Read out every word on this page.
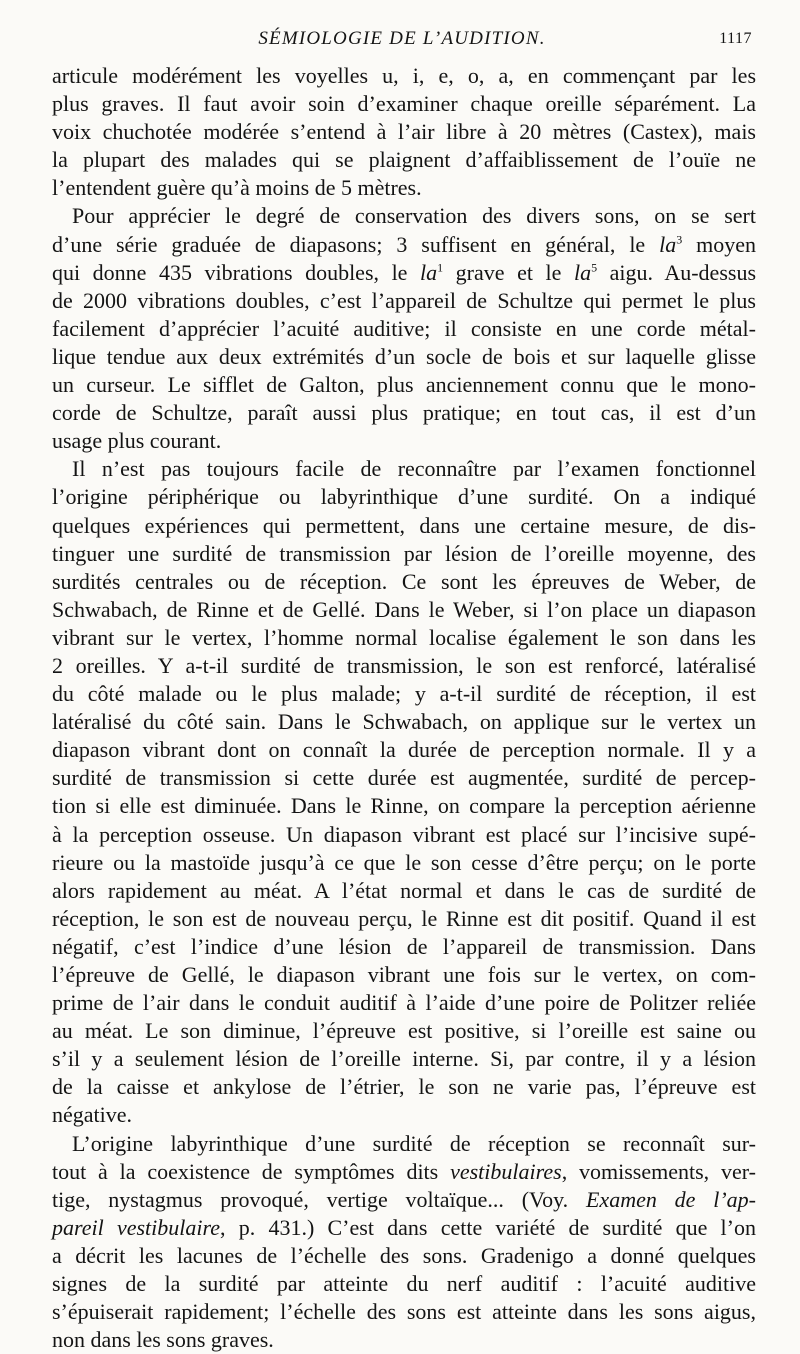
SÉMIOLOGIE DE L’AUDITION.	1117
articule modérément les voyelles u, i, e, o, a, en commençant par les
plus graves. Il faut avoir soin d’examiner chaque oreille séparément. La
voix chuchotée modérée s’entend à l’air libre à 20 mètres (Castex), mais
la plupart des malades qui se plaignent d’affaiblissement de l’ouïe ne
l’entendent guère qu’à moins de 5 mètres.
Pour apprécier le degré de conservation des divers sons, on se sert
d’une série graduée de diapasons; 3 suffisent en général, le $la^3$ moyen
qui donne 435 vibrations doubles, le $la^1$ grave et le $la^5$ aigu. Au-dessus
de 2000 vibrations doubles, c’est l’appareil de Schultze qui permet le plus
facilement d’apprécier l’acuité auditive; il consiste en une corde métal-
lique tendue aux deux extrémités d’un socle de bois et sur laquelle glisse
un curseur. Le sifflet de Galton, plus anciennement connu que le mono-
corde de Schultze, paraît aussi plus pratique; en tout cas, il est d’un
usage plus courant.
Il n’est pas toujours facile de reconnaître par l’examen fonctionnel
l’origine périphérique ou labyrinthique d’une surdité. On a indiqué
quelques expériences qui permettent, dans une certaine mesure, de dis-
tinguer une surdité de transmission par lésion de l’oreille moyenne, des
surdités centrales ou de réception. Ce sont les épreuves de Weber, de
Schwabach, de Rinne et de Gellé. Dans le Weber, si l’on place un diapason
vibrant sur le vertex, l’homme normal localise également le son dans les
2 oreilles. Y a-t-il surdité de transmission, le son est renforcé, latéralisé
du côté malade ou le plus malade; y a-t-il surdité de réception, il est
latéralisé du côté sain. Dans le Schwabach, on applique sur le vertex un
diapason vibrant dont on connaît la durée de perception normale. Il y a
surdité de transmission si cette durée est augmentée, surdité de percep-
tion si elle est diminuée. Dans le Rinne, on compare la perception aérienne
à la perception osseuse. Un diapason vibrant est placé sur l’incisive supé-
rieure ou la mastoïde jusqu’à ce que le son cesse d’être perçu; on le porte
alors rapidement au méat. A l’état normal et dans le cas de surdité de
réception, le son est de nouveau perçu, le Rinne est dit positif. Quand il est
négatif, c’est l’indice d’une lésion de l’appareil de transmission. Dans
l’épreuve de Gellé, le diapason vibrant une fois sur le vertex, on com-
prime de l’air dans le conduit auditif à l’aide d’une poire de Politzer reliée
au méat. Le son diminue, l’épreuve est positive, si l’oreille est saine ou
s’il y a seulement lésion de l’oreille interne. Si, par contre, il y a lésion
de la caisse et ankylose de l’étrier, le son ne varie pas, l’épreuve est
négative.
L’origine labyrinthique d’une surdité de réception se reconnaît sur-
tout à la coexistence de symptômes dits vestibulaires, vomissements, ver-
tige, nystagmus provoqué, vertige voltaïque... (Voy. Examen de l’ap-
pareil vestibulaire, p. 431.) C’est dans cette variété de surdité que l’on
a décrit les lacunes de l’échelle des sons. Gradenigo a donné quelques
signes de la surdité par atteinte du nerf auditif : l’acuité auditive
s’épuiserait rapidement; l’échelle des sons est atteinte dans les sons aigus,
non dans les sons graves.
